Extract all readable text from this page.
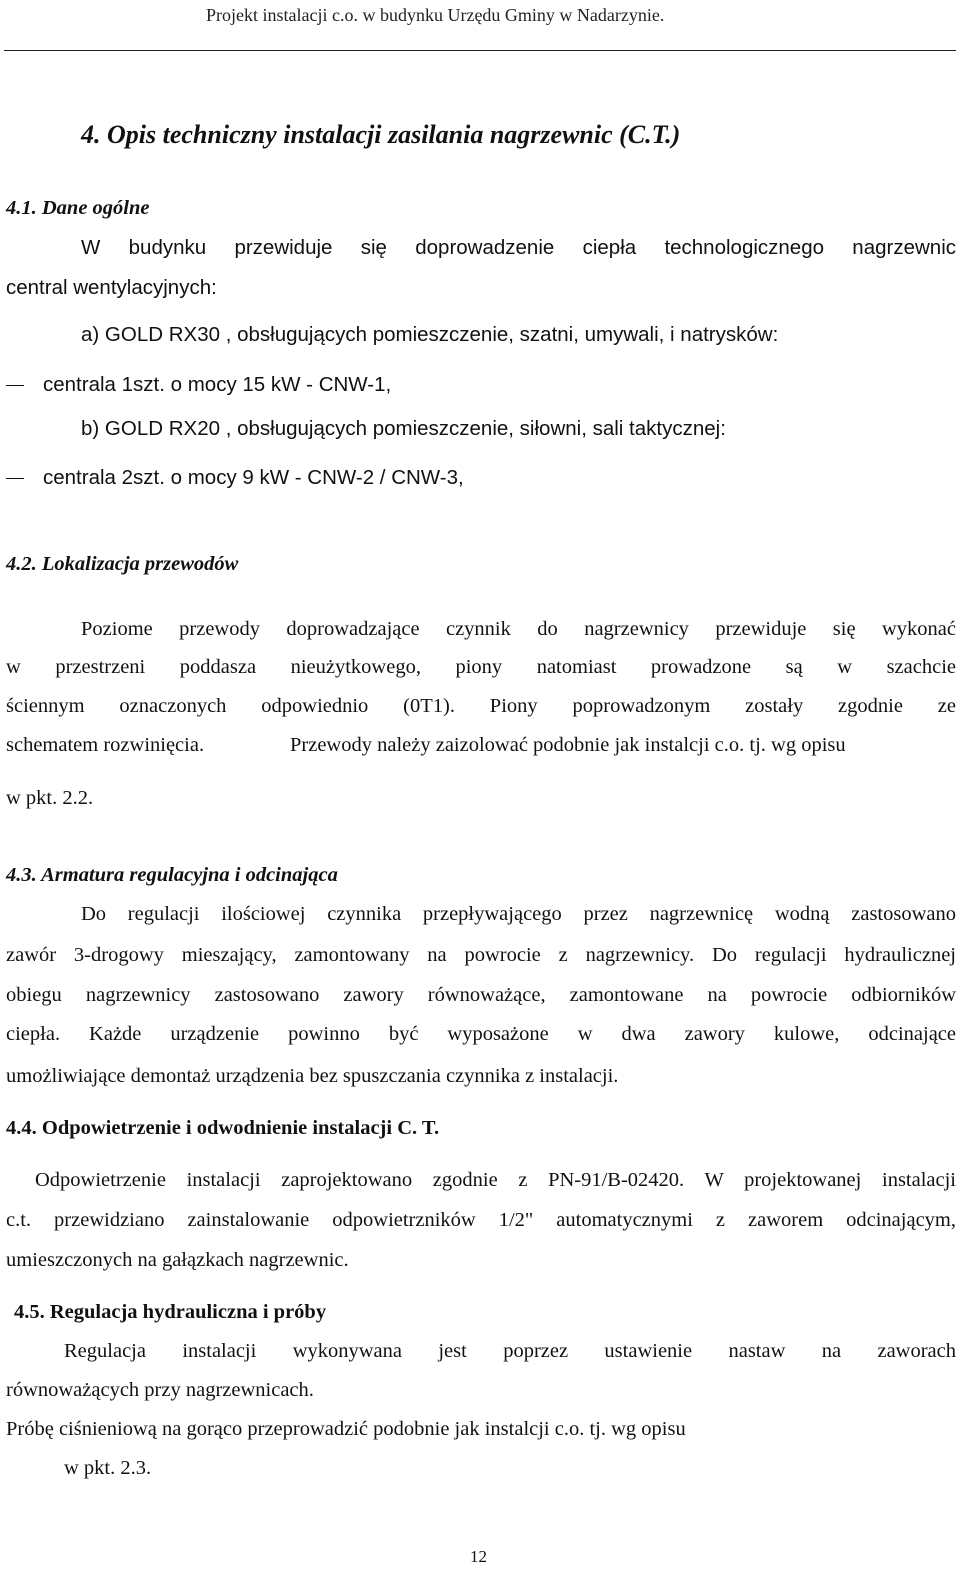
Projekt instalacji c.o. w budynku Urzędu Gminy w Nadarzynie.
4. Opis techniczny instalacji zasilania nagrzewnic (C.T.)
4.1. Dane ogólne
W budynku przewiduje się doprowadzenie ciepła technologicznego nagrzewnic
central wentylacyjnych:
a) GOLD RX30 , obsługujących pomieszczenie, szatni, umywali, i natrysków:
centrala 1szt. o mocy 15 kW - CNW-1,
b) GOLD RX20 , obsługujących pomieszczenie, siłowni, sali taktycznej:
centrala 2szt. o mocy 9 kW - CNW-2 / CNW-3,
4.2. Lokalizacja przewodów
Poziome przewody doprowadzające czynnik do nagrzewnicy przewiduje się wykonać
w przestrzeni poddasza nieużytkowego, piony natomiast prowadzone są w szachcie
ściennym oznaczonych odpowiednio (0T1). Piony poprowadzonym zostały zgodnie ze
schematem rozwinięcia.	Przewody należy zaizolować podobnie jak instalcji c.o. tj. wg opisu
w pkt. 2.2.
4.3. Armatura regulacyjna i odcinająca
Do regulacji ilościowej czynnika przepływającego przez nagrzewnicę wodną zastosowano
zawór 3-drogowy mieszający, zamontowany na powrocie z nagrzewnicy. Do regulacji hydraulicznej
obiegu nagrzewnicy zastosowano zawory równoważące, zamontowane na powrocie odbiorników
ciepła. Każde urządzenie powinno być wyposażone w dwa zawory kulowe, odcinające
umożliwiające demontaż urządzenia bez spuszczania czynnika z instalacji.
4.4. Odpowietrzenie i odwodnienie instalacji C. T.
Odpowietrzenie instalacji zaprojektowano zgodnie z PN-91/B-02420. W projektowanej instalacji
c.t. przewidziano zainstalowanie odpowietrzników 1/2" automatycznymi z zaworem odcinającym,
umieszczonych na gałązkach nagrzewnic.
4.5. Regulacja hydrauliczna i próby
Regulacja instalacji wykonywana jest poprzez ustawienie nastaw na zaworach
równoważących przy nagrzewnicach.
Próbę ciśnieniową na gorąco przeprowadzić podobnie jak instalcji c.o. tj. wg opisu
w pkt. 2.3.
12
